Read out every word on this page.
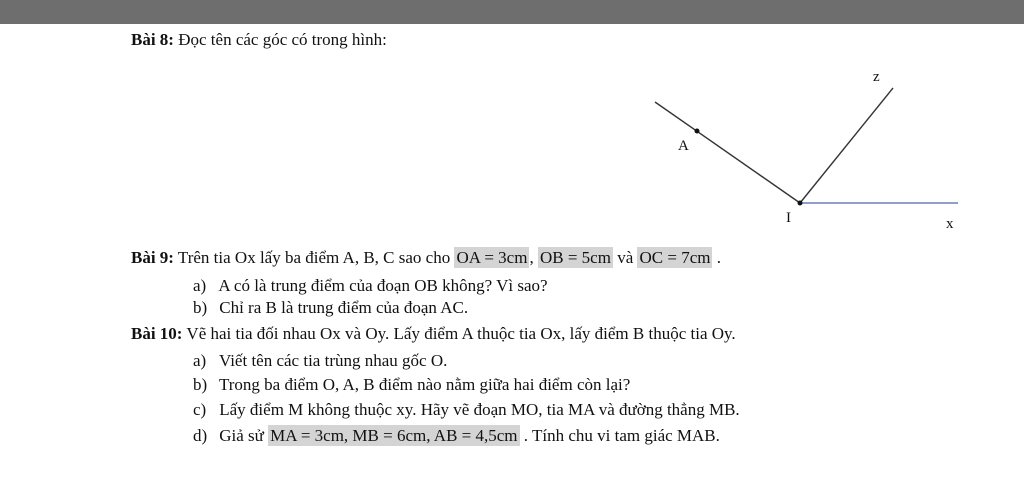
Bài 8: Đọc tên các góc có trong hình:
z
A
I	x
Bài 9: Trên tia Ox lấy ba điểm A, B, C sao cho OA = 3cm , OB = 5cm và OC = 7cm .
a) A có là trung điểm của đoạn OB không? Vì sao?
b) Chỉ ra B là trung điểm của đoạn AC.
Bài 10: Vẽ hai tia đối nhau Ox và Oy. Lấy điểm A thuộc tia Ox, lấy điểm B thuộc tia Oy.
a) Viết tên các tia trùng nhau gốc O.
b) Trong ba điểm O, A, B điểm nào nằm giữa hai điểm còn lại?
c) Lấy điểm M không thuộc xy. Hãy vẽ đoạn MO, tia MA và đường thẳng MB.
d) Giả sử MA = 3cm, MB = 6cm, AB = 4,5cm . Tính chu vi tam giác MAB.
